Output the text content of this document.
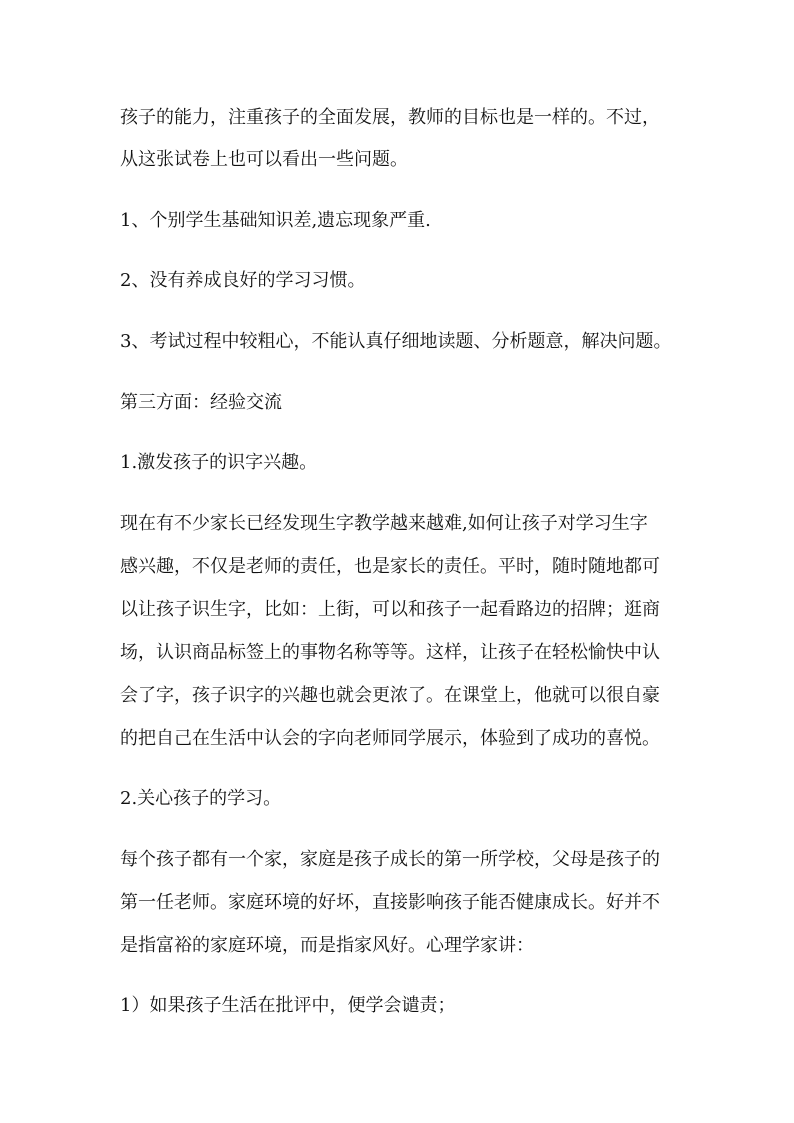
孩子的能力，注重孩子的全面发展，教师的目标也是一样的。不过，
从这张试卷上也可以看出一些问题。
1、个别学生基础知识差,遗忘现象严重.
2、没有养成良好的学习习惯。
3、考试过程中较粗心，不能认真仔细地读题、分析题意，解决问题。
第三方面：经验交流
1.激发孩子的识字兴趣。
现在有不少家长已经发现生字教学越来越难,如何让孩子对学习生字
感兴趣，不仅是老师的责任，也是家长的责任。平时，随时随地都可
以让孩子识生字，比如：上街，可以和孩子一起看路边的招牌；逛商
场，认识商品标签上的事物名称等等。这样，让孩子在轻松愉快中认
会了字，孩子识字的兴趣也就会更浓了。在课堂上，他就可以很自豪
的把自己在生活中认会的字向老师同学展示，体验到了成功的喜悦。
2.关心孩子的学习。
每个孩子都有一个家，家庭是孩子成长的第一所学校，父母是孩子的
第一任老师。家庭环境的好坏，直接影响孩子能否健康成长。好并不
是指富裕的家庭环境，而是指家风好。心理学家讲：
1）如果孩子生活在批评中，便学会谴责；
